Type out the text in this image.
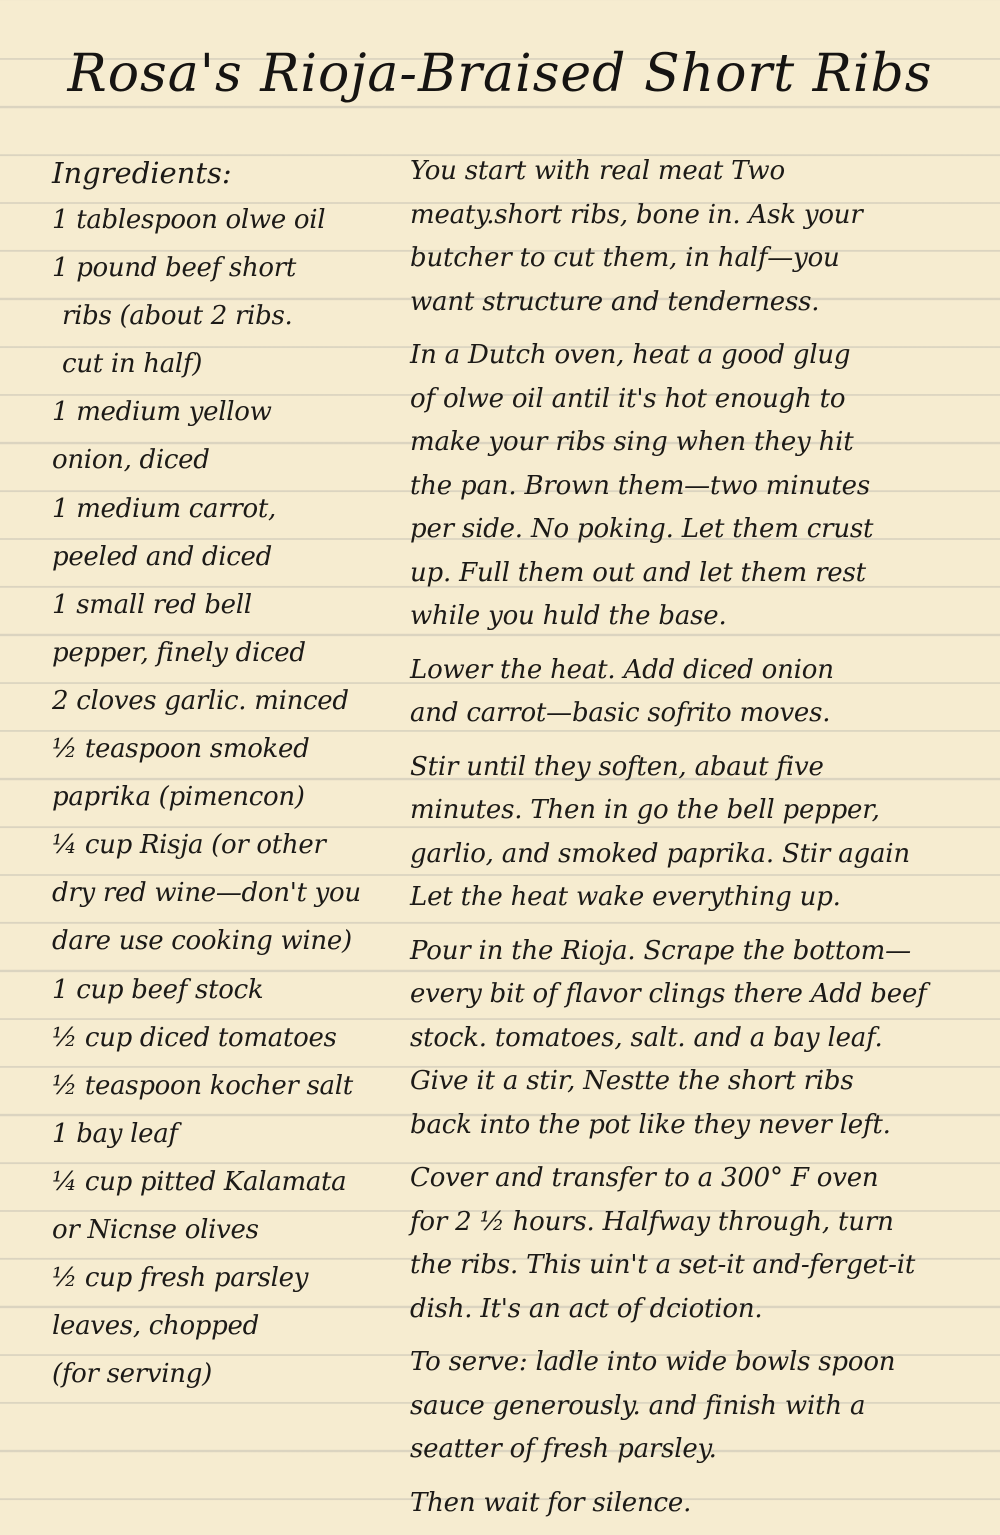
Rosa's Rioja-Braised Short Ribs
Ingredients:
1 tablespoon olwe oil
1 pound beef short
ribs (about 2 ribs.
cut in half)
1 medium yellow
onion, diced
1 medium carrot,
peeled and diced
1 small red bell
pepper, finely diced
2 cloves garlic. minced
½ teaspoon smoked
paprika (pimencon)
¼ cup Risja (or other
dry red wine—don't you
dare use cooking wine)
1 cup beef stock
½ cup diced tomatoes
½ teaspoon kocher salt
1 bay leaf
¼ cup pitted Kalamata
or Nicnse olives
½ cup fresh parsley
leaves, chopped
(for serving)
You start with real meat Two
meaty.short ribs, bone in. Ask your
butcher to cut them, in half—you
want structure and tenderness.
In a Dutch oven, heat a good glug
of olwe oil antil it's hot enough to
make your ribs sing when they hit
the pan. Brown them—two minutes
per side. No poking. Let them crust
up. Full them out and let them rest
while you huld the base.
Lower the heat. Add diced onion
and carrot—basic sofrito moves.
Stir until they soften, abaut five
minutes. Then in go the bell pepper,
garlio, and smoked paprika. Stir again
Let the heat wake everything up.
Pour in the Rioja. Scrape the bottom—
every bit of flavor clings there Add beef
stock. tomatoes, salt. and a bay leaf.
Give it a stir, Nestte the short ribs
back into the pot like they never left.
Cover and transfer to a 300° F oven
for 2 ½ hours. Halfway through, turn
the ribs. This uin't a set-it and-ferget-it
dish. It's an act of dciotion.
To serve: ladle into wide bowls spoon
sauce generously. and finish with a
seatter of fresh parsley.
Then wait for silence.
